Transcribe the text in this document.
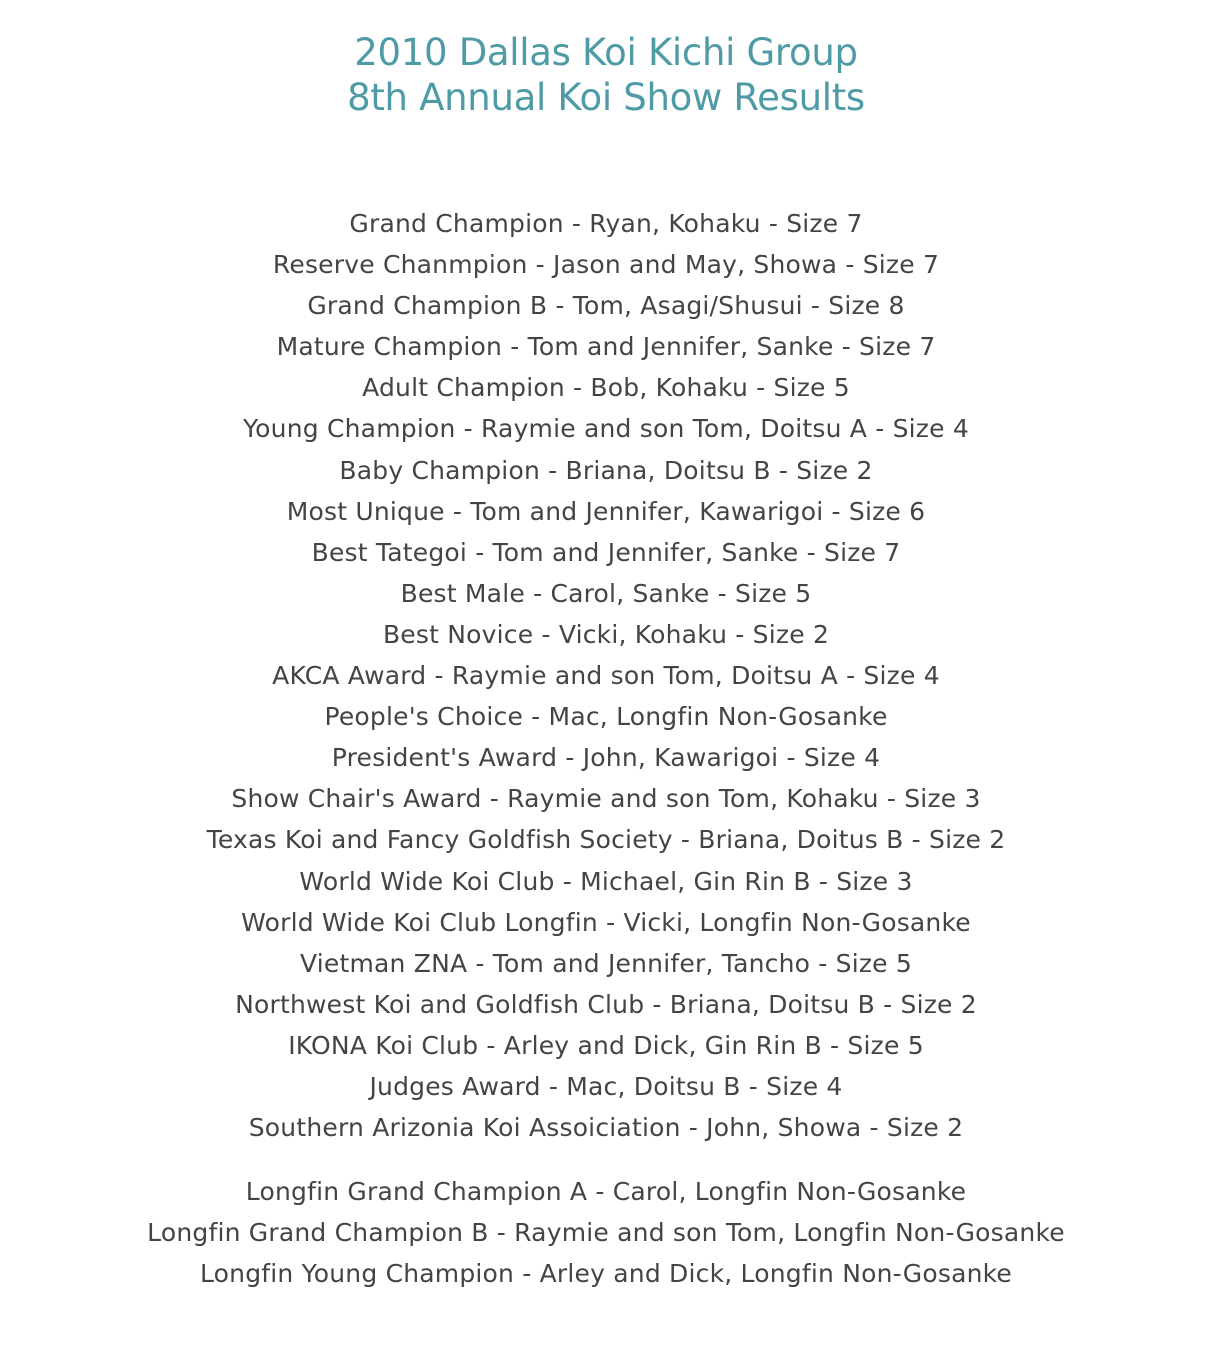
2010 Dallas Koi Kichi Group
8th Annual Koi Show Results
Grand Champion - Ryan, Kohaku - Size 7
Reserve Chanmpion - Jason and May, Showa - Size 7
Grand Champion B - Tom, Asagi/Shusui - Size 8
Mature Champion - Tom and Jennifer, Sanke - Size 7
Adult Champion - Bob, Kohaku - Size 5
Young Champion - Raymie and son Tom, Doitsu A - Size 4
Baby Champion - Briana, Doitsu B - Size 2
Most Unique - Tom and Jennifer, Kawarigoi - Size 6
Best Tategoi - Tom and Jennifer, Sanke - Size 7
Best Male - Carol, Sanke - Size 5
Best Novice - Vicki, Kohaku - Size 2
AKCA Award - Raymie and son Tom, Doitsu A - Size 4
People's Choice - Mac, Longfin Non-Gosanke
President's Award - John, Kawarigoi - Size 4
Show Chair's Award - Raymie and son Tom, Kohaku - Size 3
Texas Koi and Fancy Goldfish Society - Briana, Doitus B - Size 2
World Wide Koi Club - Michael, Gin Rin B - Size 3
World Wide Koi Club Longfin - Vicki, Longfin Non-Gosanke
Vietman ZNA - Tom and Jennifer, Tancho - Size 5
Northwest Koi and Goldfish Club - Briana, Doitsu B - Size 2
IKONA Koi Club - Arley and Dick, Gin Rin B - Size 5
Judges Award - Mac, Doitsu B - Size 4
Southern Arizonia Koi Assoiciation - John, Showa - Size 2
Longfin Grand Champion A - Carol, Longfin Non-Gosanke
Longfin Grand Champion B - Raymie and son Tom, Longfin Non-Gosanke
Longfin Young Champion - Arley and Dick, Longfin Non-Gosanke
